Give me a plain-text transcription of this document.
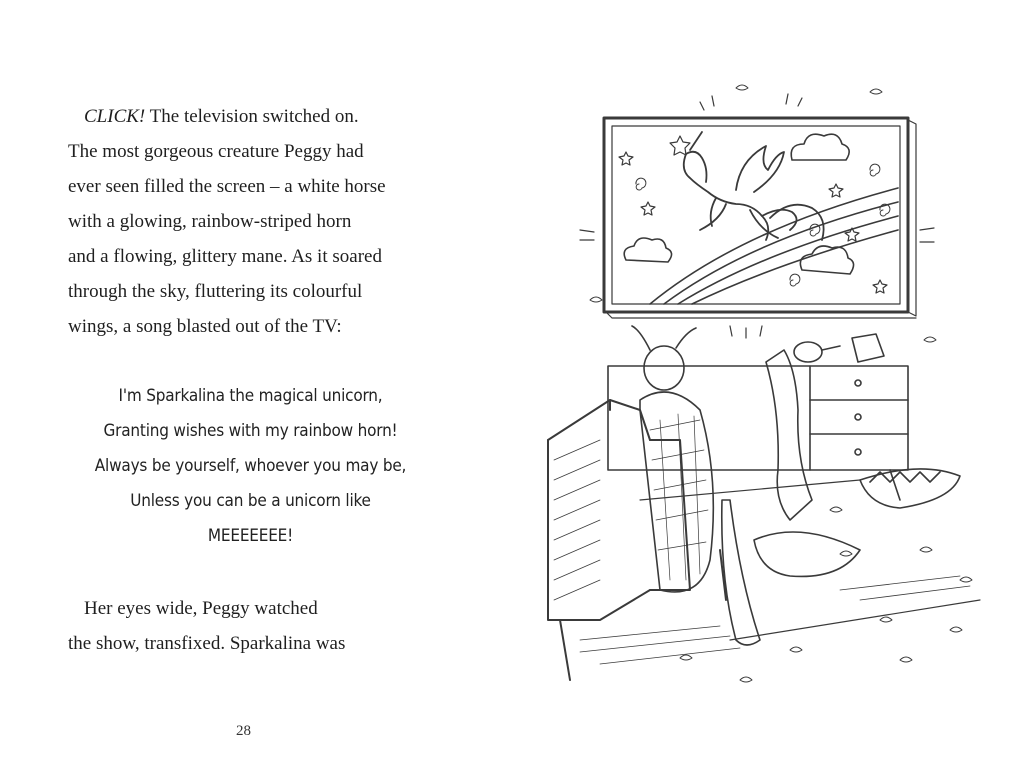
CLICK! The television switched on.
The most gorgeous creature Peggy had
ever seen filled the screen – a white horse
with a glowing, rainbow-striped horn
and a flowing, glittery mane. As it soared
through the sky, fluttering its colourful
wings, a song blasted out of the TV:

I'm Sparkalina the magical unicorn,
Granting wishes with my rainbow horn!
Always be yourself, whoever you may be,
Unless you can be a unicorn like
MEEEEEEE!

Her eyes wide, Peggy watched
the show, transfixed. Sparkalina was

28
